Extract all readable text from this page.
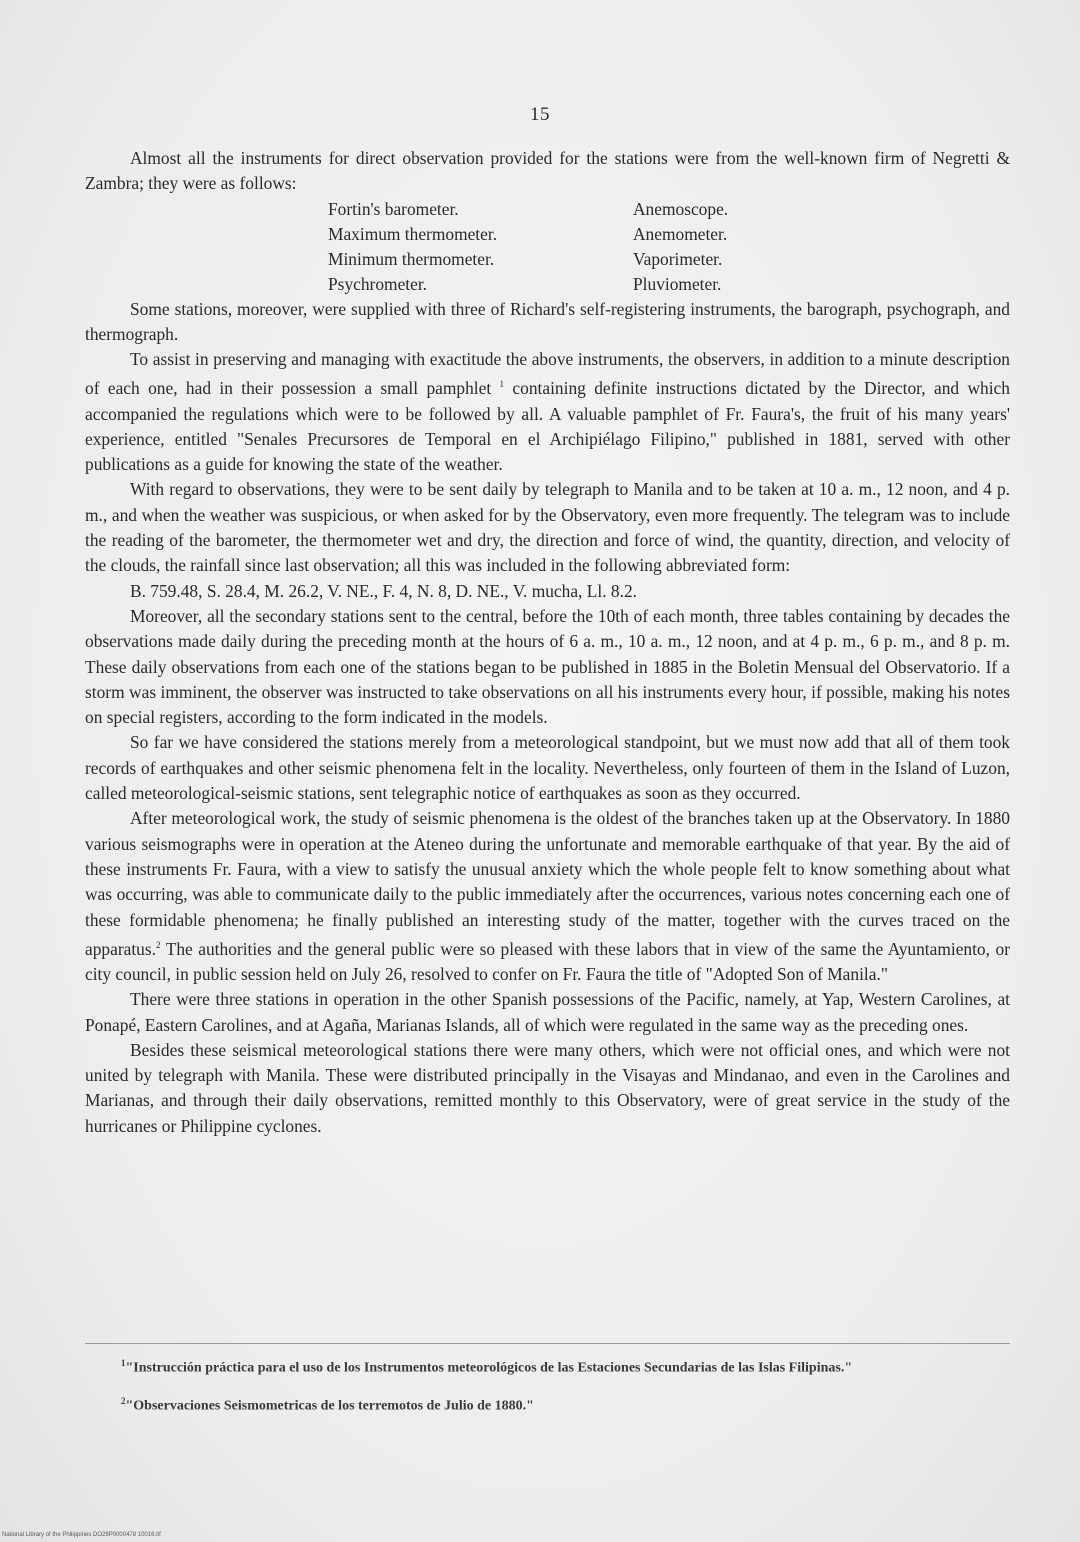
15

Almost all the instruments for direct observation provided for the stations were from the well-known firm of Negretti & Zambra; they were as follows:

Fortin's barometer.	Anemoscope.
Maximum thermometer.	Anemometer.
Minimum thermometer.	Vaporimeter.
Psychrometer.	Pluviometer.

Some stations, moreover, were supplied with three of Richard's self-registering instruments, the barograph, psychograph, and thermograph.

To assist in preserving and managing with exactitude the above instruments, the observers, in addition to a minute description of each one, had in their possession a small pamphlet $^1$ containing definite instructions dictated by the Director, and which accompanied the regulations which were to be followed by all. A valuable pamphlet of Fr. Faura's, the fruit of his many years' experience, entitled "Senales Precursores de Temporal en el Archipiélago Filipino," published in 1881, served with other publications as a guide for knowing the state of the weather.

With regard to observations, they were to be sent daily by telegraph to Manila and to be taken at 10 a. m., 12 noon, and 4 p. m., and when the weather was suspicious, or when asked for by the Observatory, even more frequently. The telegram was to include the reading of the barometer, the thermometer wet and dry, the direction and force of wind, the quantity, direction, and velocity of the clouds, the rainfall since last observation; all this was included in the following abbreviated form:

B. 759.48, S. 28.4, M. 26.2, V. NE., F. 4, N. 8, D. NE., V. mucha, Ll. 8.2.

Moreover, all the secondary stations sent to the central, before the 10th of each month, three tables containing by decades the observations made daily during the preceding month at the hours of 6 a. m., 10 a. m., 12 noon, and at 4 p. m., 6 p. m., and 8 p. m. These daily observations from each one of the stations began to be published in 1885 in the Boletin Mensual del Observatorio. If a storm was imminent, the observer was instructed to take observations on all his instruments every hour, if possible, making his notes on special registers, according to the form indicated in the models.

So far we have considered the stations merely from a meteorological standpoint, but we must now add that all of them took records of earthquakes and other seismic phenomena felt in the locality. Nevertheless, only fourteen of them in the Island of Luzon, called meteorological-seismic stations, sent telegraphic notice of earthquakes as soon as they occurred.

After meteorological work, the study of seismic phenomena is the oldest of the branches taken up at the Observatory. In 1880 various seismographs were in operation at the Ateneo during the unfortunate and memorable earthquake of that year. By the aid of these instruments Fr. Faura, with a view to satisfy the unusual anxiety which the whole people felt to know something about what was occurring, was able to communicate daily to the public immediately after the occurrences, various notes concerning each one of these formidable phenomena; he finally published an interesting study of the matter, together with the curves traced on the apparatus.$^2$ The authorities and the general public were so pleased with these labors that in view of the same the Ayuntamiento, or city council, in public session held on July 26, resolved to confer on Fr. Faura the title of "Adopted Son of Manila."

There were three stations in operation in the other Spanish possessions of the Pacific, namely, at Yap, Western Carolines, at Ponapé, Eastern Carolines, and at Agaña, Marianas Islands, all of which were regulated in the same way as the preceding ones.

Besides these seismical meteorological stations there were many others, which were not official ones, and which were not united by telegraph with Manila. These were distributed principally in the Visayas and Mindanao, and even in the Carolines and Marianas, and through their daily observations, remitted monthly to this Observatory, were of great service in the study of the hurricanes or Philippine cyclones.

$^1$"Instrucción práctica para el uso de los Instrumentos meteorológicos de las Estaciones Secundarias de las Islas Filipinas."

$^2$"Observaciones Seismometricas de los terremotos de Julio de 1880."

National Library of the Philippines DO28P0000478 10016.tif
